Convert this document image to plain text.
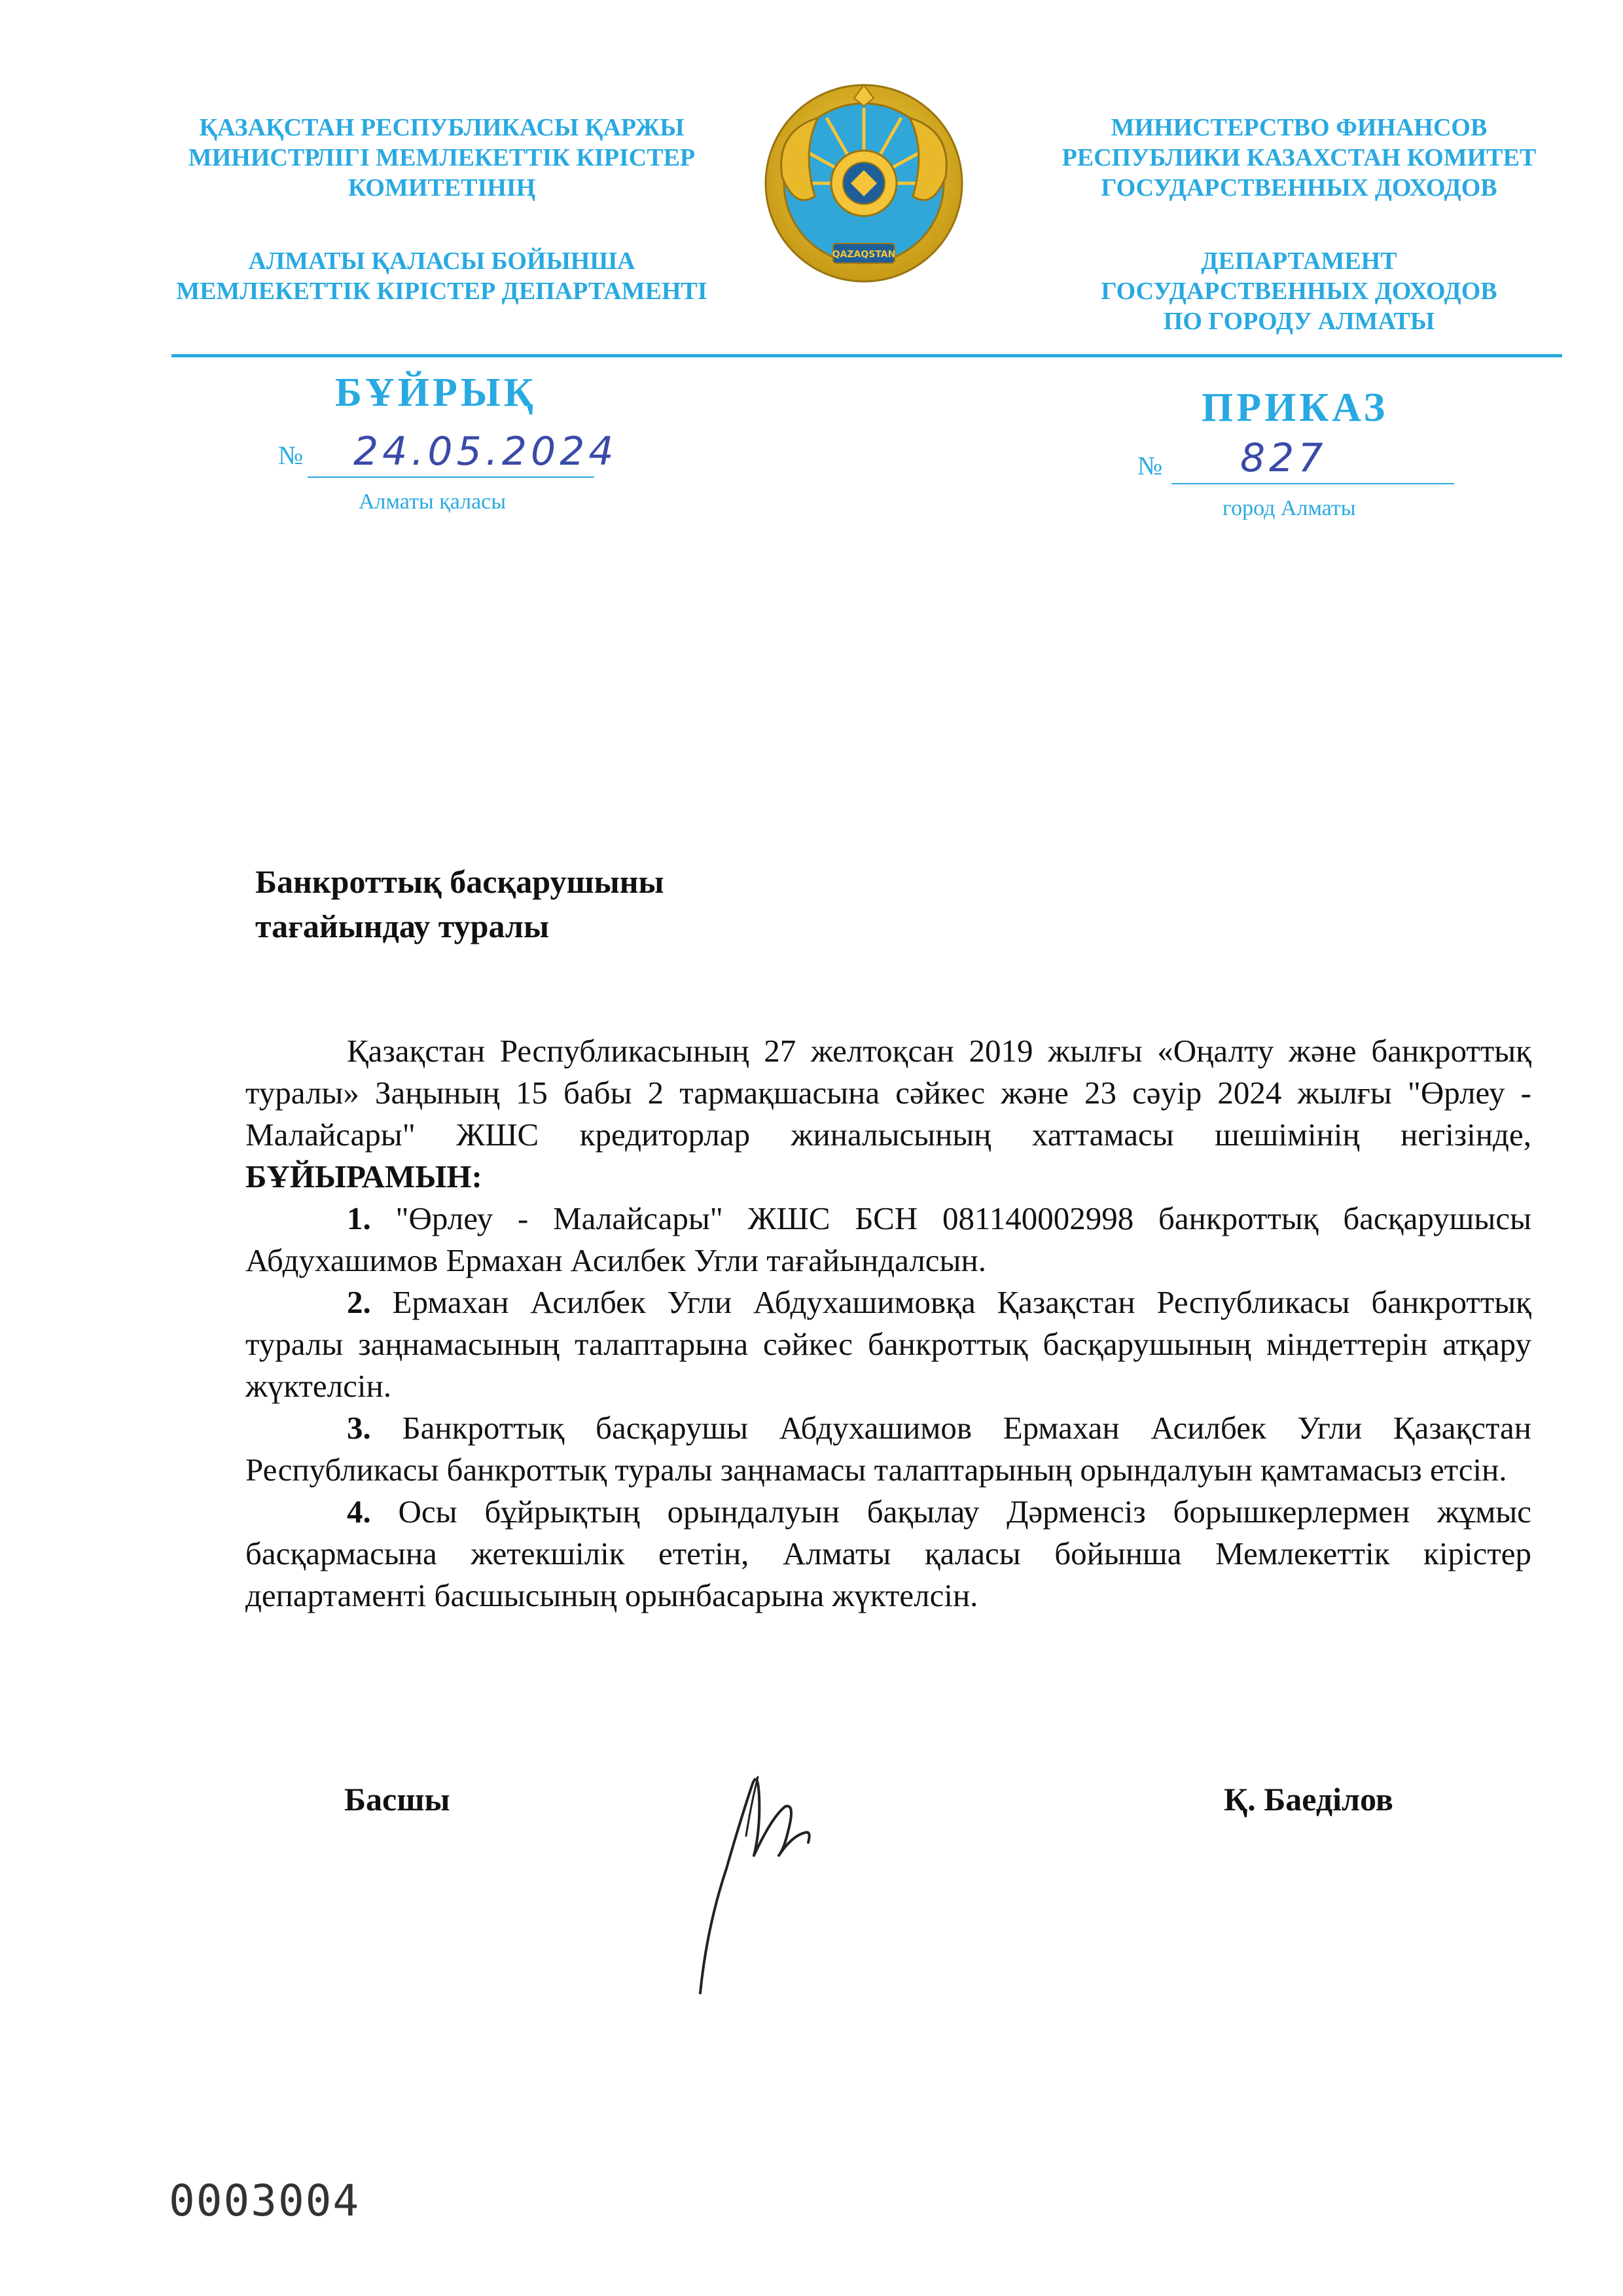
ҚАЗАҚСТАН РЕСПУБЛИКАСЫ ҚАРЖЫ

МИНИСТРЛІГІ МЕМЛЕКЕТТІК КІРІСТЕР

КОМИТЕТІНІҢ

АЛМАТЫ ҚАЛАСЫ БОЙЫНША

МЕМЛЕКЕТТІК КІРІСТЕР ДЕПАРТАМЕНТІ

QAZAQSTAN

МИНИСТЕРСТВО ФИНАНСОВ

РЕСПУБЛИКИ КАЗАХСТАН КОМИТЕТ

ГОСУДАРСТВЕННЫХ ДОХОДОВ

ДЕПАРТАМЕНТ

ГОСУДАРСТВЕННЫХ ДОХОДОВ

ПО ГОРОДУ АЛМАТЫ

БҰЙРЫҚ	ПРИКАЗ
№ 24.05.2024
Алматы қаласы
№ 827
город Алматы

Банкроттық басқарушыны

тағайындау туралы

Қазақстан Республикасының 27 желтоқсан 2019 жылғы «Оңалту және банкроттық туралы» Заңының 15 бабы 2 тармақшасына сәйкес және 23 сәуір 2024 жылғы "Өрлеу - Малайсары" ЖШС кредиторлар жиналысының хаттамасы шешімінің негізінде, БҰЙЫРАМЫН:

1. "Өрлеу - Малайсары" ЖШС БСН 081140002998 банкроттық басқарушысы Абдухашимов Ермахан Асилбек Угли тағайындалсын.

2. Ермахан Асилбек Угли Абдухашимовқа Қазақстан Республикасы банкроттық туралы заңнамасының талаптарына сәйкес банкроттық басқарушының міндеттерін атқару жүктелсін.

3. Банкроттық басқарушы Абдухашимов Ермахан Асилбек Угли Қазақстан Республикасы банкроттық туралы заңнамасы талаптарының орындалуын қамтамасыз етсін.

4. Осы бұйрықтың орындалуын бақылау Дәрменсіз борышкерлермен жұмыс басқармасына жетекшілік ететін, Алматы қаласы бойынша Мемлекеттік кірістер департаменті басшысының орынбасарына жүктелсін.

Басшы	Қ. Баеділов
0003004
